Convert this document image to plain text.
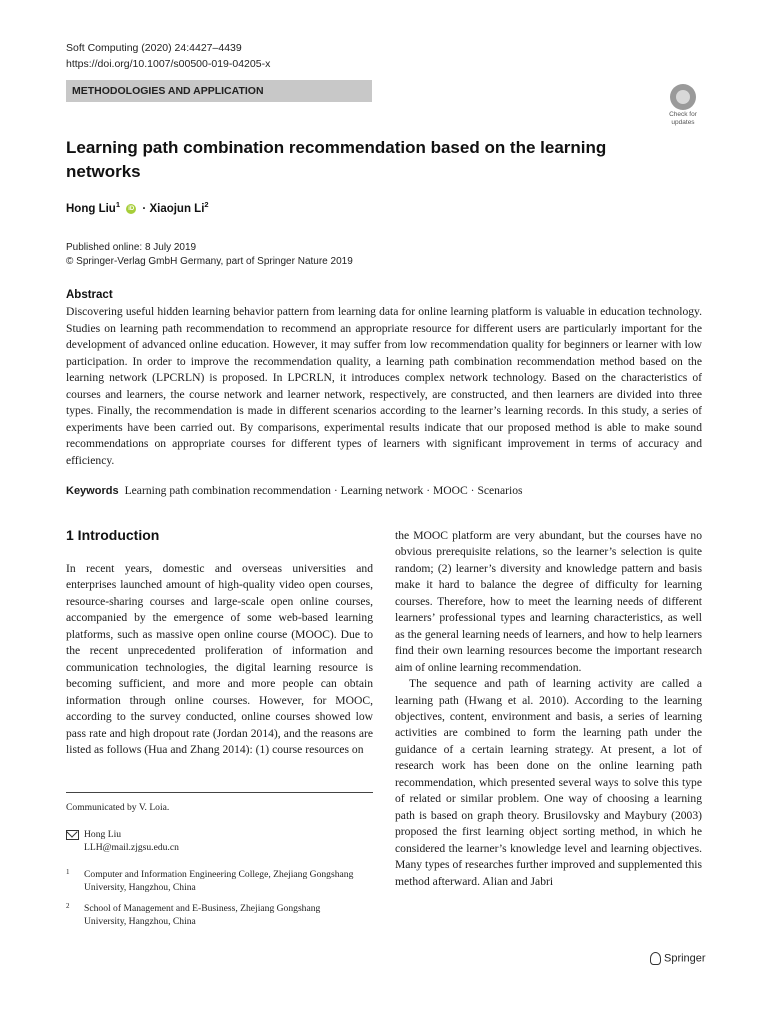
Soft Computing (2020) 24:4427–4439
https://doi.org/10.1007/s00500-019-04205-x
METHODOLOGIES AND APPLICATION
Check for
updates
Learning path combination recommendation based on the learning networks
Hong Liu$^1$ iD · Xiaojun Li$^2$
Published online: 8 July 2019
© Springer-Verlag GmbH Germany, part of Springer Nature 2019
Abstract
Discovering useful hidden learning behavior pattern from learning data for online learning platform is valuable in education technology. Studies on learning path recommendation to recommend an appropriate resource for different users are particularly important for the development of advanced online education. However, it may suffer from low recommendation quality for beginners or learner with low participation. In order to improve the recommendation quality, a learning path combination recommendation method based on the learning network (LPCRLN) is proposed. In LPCRLN, it introduces complex network technology. Based on the characteristics of courses and learners, the course network and learner network, respectively, are constructed, and then learners are divided into three types. Finally, the recommendation is made in different scenarios according to the learner’s learning records. In this study, a series of experiments have been carried out. By comparisons, experimental results indicate that our proposed method is able to make sound recommendations on appropriate courses for different types of learners with significant improvement in terms of accuracy and efficiency.
Keywords Learning path combination recommendation · Learning network · MOOC · Scenarios
1 Introduction

In recent years, domestic and overseas universities and enterprises launched amount of high-quality video open courses, resource-sharing courses and large-scale open online courses, accompanied by the emergence of some web-based learning platforms, such as massive open online course (MOOC). Due to the recent unprecedented proliferation of information and communication technologies, the digital learning resource is becoming sufficient, and more and more people can obtain information through online courses. However, for MOOC, according to the survey conducted, online courses showed low pass rate and high dropout rate (Jordan 2014), and the reasons are listed as follows (Hua and Zhang 2014): (1) course resources on

the MOOC platform are very abundant, but the courses have no obvious prerequisite relations, so the learner’s selection is quite random; (2) learner’s diversity and knowledge pattern and basis make it hard to balance the degree of difficulty for learning courses. Therefore, how to meet the learning needs of different learners’ professional types and learning characteristics, as well as the general learning needs of learners, and how to help learners find their own learning resources become the important research aim of online learning recommendation.

The sequence and path of learning activity are called a learning path (Hwang et al. 2010). According to the learning objectives, content, environment and basis, a series of learning activities are combined to form the learning path under the guidance of a certain learning strategy. At present, a lot of research work has been done on the online learning path recommendation, which presented several ways to solve this type of related or similar problem. One way of choosing a learning path is based on graph theory. Brusilovsky and Maybury (2003) proposed the first learning object sorting method, in which he considered the learner’s knowledge level and learning objectives. Many types of researches further improved and supplemented this method afterward. Alian and Jabri

Communicated by V. Loia.
Hong Liu
LLH@mail.zjgsu.edu.cn
1 Computer and Information Engineering College, Zhejiang Gongshang University, Hangzhou, China
2 School of Management and E-Business, Zhejiang Gongshang University, Hangzhou, China
Springer
